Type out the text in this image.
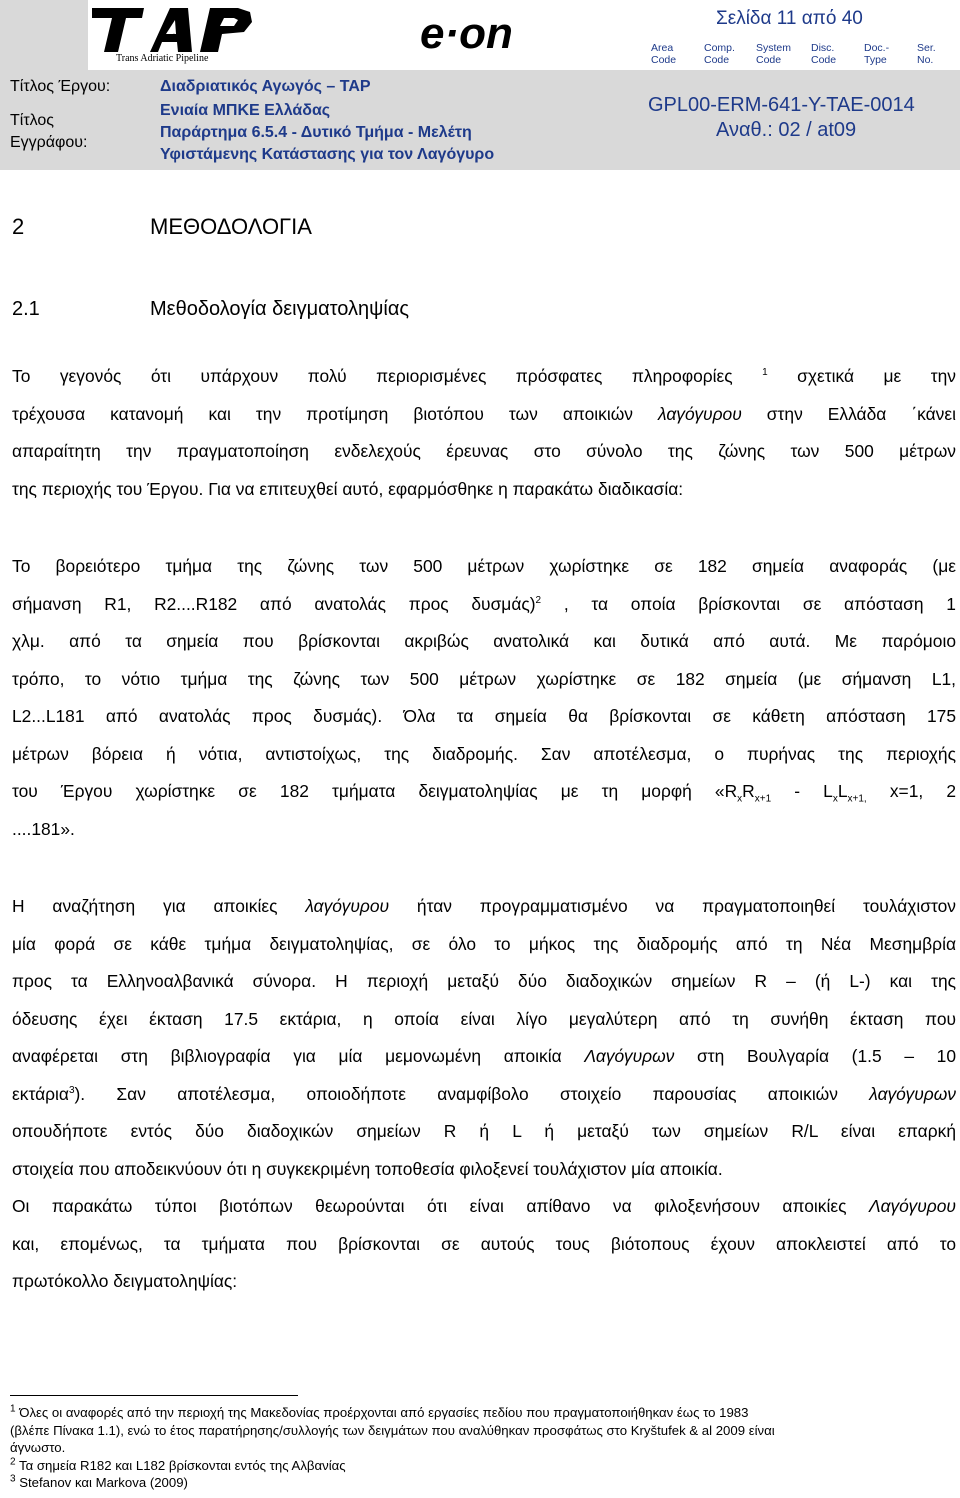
TAP
Trans Adriatic Pipeline
e·on	Σελίδα 11 από 40
Area
Code
Comp.
Code
System
Code
Disc.
Code
Doc.-
Type
Ser.
No.
Τίτλος Έργου:	Διαδριατικός Αγωγός – TAP
Τίτλος
Εγγράφου:
Ενιαία ΜΠΚΕ Ελλάδας
Παράρτημα 6.5.4 - Δυτικό Τμήμα - Μελέτη
Υφιστάμενης Κατάστασης για τον Λαγόγυρο
GPL00-ERM-641-Y-TAE-0014
Αναθ.: 02 / at09
2	ΜΕΘΟΔΟΛΟΓΙΑ
2.1	Μεθοδολογία δειγματοληψίας
Το γεγονός ότι υπάρχουν πολύ περιορισμένες πρόσφατες πληροφορίες $^1$ σχετικά με την
τρέχουσα κατανομή και την προτίμηση βιοτόπου των αποικιών λαγόγυρου στην Ελλάδα ΄κάνει
απαραίτητη την πραγματοποίηση ενδελεχούς έρευνας στο σύνολο της ζώνης των 500 μέτρων
της περιοχής του Έργου. Για να επιτευχθεί αυτό, εφαρμόσθηκε η παρακάτω διαδικασία:
Το βορειότερο τμήμα της ζώνης των 500 μέτρων χωρίστηκε σε 182 σημεία αναφοράς (με
σήμανση R1, R2....R182 από ανατολάς προς δυσμάς)$^2$ , τα οποία βρίσκονται σε απόσταση 1
χλμ. από τα σημεία που βρίσκονται ακριβώς ανατολικά και δυτικά από αυτά. Με παρόμοιο
τρόπο, το νότιο τμήμα της ζώνης των 500 μέτρων χωρίστηκε σε 182 σημεία (με σήμανση L1,
L2...L181 από ανατολάς προς δυσμάς). Όλα τα σημεία θα βρίσκονται σε κάθετη απόσταση 175
μέτρων βόρεια ή νότια, αντιστοίχως, της διαδρομής. Σαν αποτέλεσμα, ο πυρήνας της περιοχής
του Έργου χωρίστηκε σε 182 τμήματα δειγματοληψίας με τη μορφή «$R_xR_{x+1} - L_xL_{x+1,}$ x=1, 2
....181».
Η αναζήτηση για αποικίες λαγόγυρου ήταν προγραμματισμένο να πραγματοποιηθεί τουλάχιστον
μία φορά σε κάθε τμήμα δειγματοληψίας, σε όλο το μήκος της διαδρομής από τη Νέα Μεσημβρία
προς τα Ελληνοαλβανικά σύνορα. Η περιοχή μεταξύ δύο διαδοχικών σημείων R – (ή L-) και της
όδευσης έχει έκταση 17.5 εκτάρια, η οποία είναι λίγο μεγαλύτερη από τη συνήθη έκταση που
αναφέρεται στη βιβλιογραφία για μία μεμονωμένη αποικία Λαγόγυρων στη Βουλγαρία (1.5 – 10
εκτάρια$^3$). Σαν αποτέλεσμα, οποιοδήποτε αναμφίβολο στοιχείο παρουσίας αποικιών λαγόγυρων
οπουδήποτε εντός δύο διαδοχικών σημείων R ή L ή μεταξύ των σημείων R/L είναι επαρκή
στοιχεία που αποδεικνύουν ότι η συγκεκριμένη τοποθεσία φιλοξενεί τουλάχιστον μία αποικία.
Οι παρακάτω τύποι βιοτόπων θεωρούνται ότι είναι απίθανο να φιλοξενήσουν αποικίες Λαγόγυρου
και, επομένως, τα τμήματα που βρίσκονται σε αυτούς τους βιότοπους έχουν αποκλειστεί από το
πρωτόκολλο δειγματοληψίας:
$^1$ Όλες οι αναφορές από την περιοχή της Μακεδονίας προέρχονται από εργασίες πεδίου που πραγματοποιήθηκαν έως το 1983
(βλέπε Πίνακα 1.1), ενώ το έτος παρατήρησης/συλλογής των δειγμάτων που αναλύθηκαν προσφάτως στο Kryštufek & al 2009 είναι
άγνωστο.
$^2$ Τα σημεία R182 και L182 βρίσκονται εντός της Αλβανίας
$^3$ Stefanov και Markova (2009)
